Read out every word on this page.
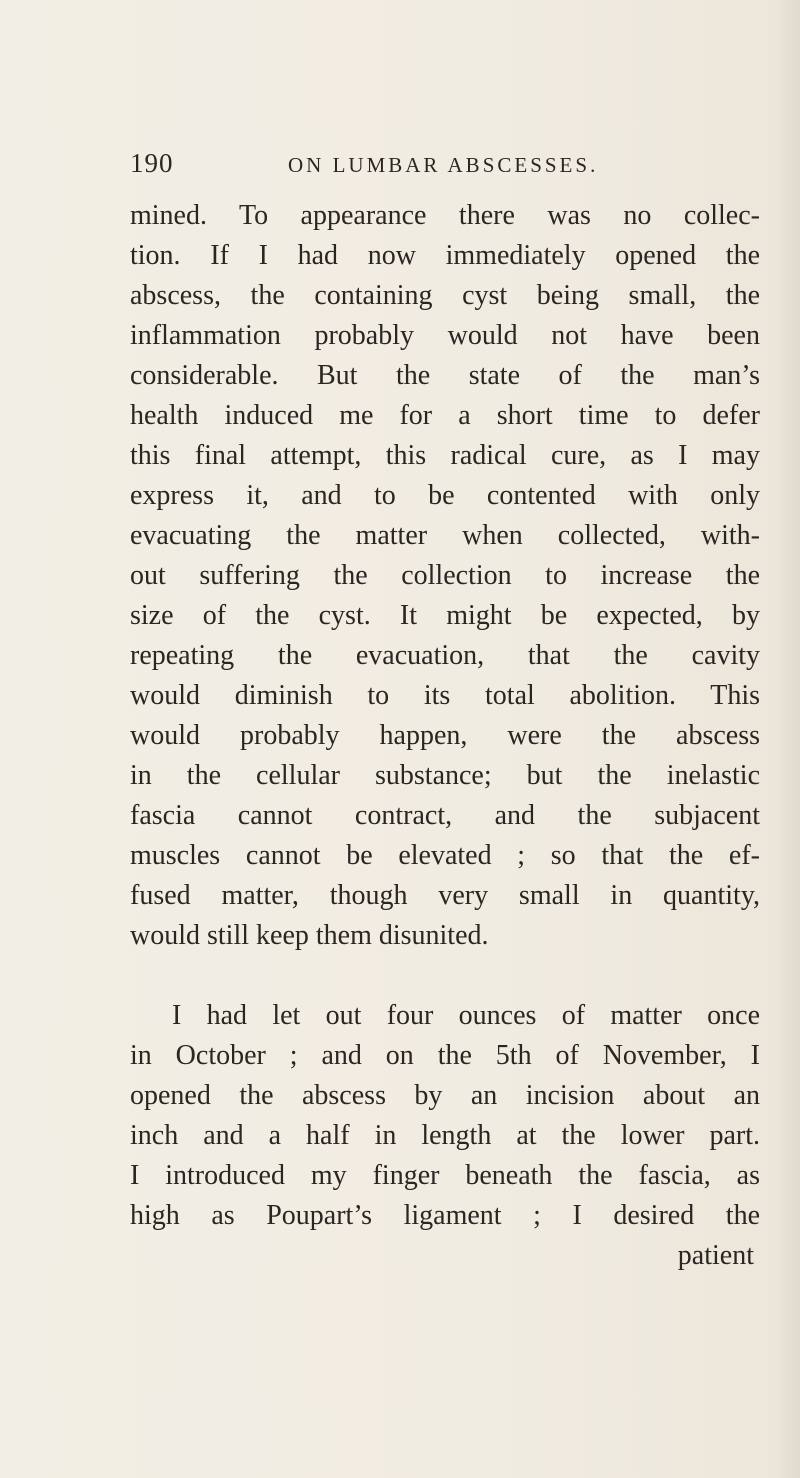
190	ON LUMBAR ABSCESSES.
mined. To appearance there was no collec-
tion. If I had now immediately opened the
abscess, the containing cyst being small, the
inflammation probably would not have been
considerable. But the state of the man’s
health induced me for a short time to defer
this final attempt, this radical cure, as I may
express it, and to be contented with only
evacuating the matter when collected, with-
out suffering the collection to increase the
size of the cyst. It might be expected, by
repeating the evacuation, that the cavity
would diminish to its total abolition. This
would probably happen, were the abscess
in the cellular substance; but the inelastic
fascia cannot contract, and the subjacent
muscles cannot be elevated ; so that the ef-
fused matter, though very small in quantity,
would still keep them disunited.
I had let out four ounces of matter once
in October ; and on the 5th of November, I
opened the abscess by an incision about an
inch and a half in length at the lower part.
I introduced my finger beneath the fascia, as
high as Poupart’s ligament ; I desired the
patient
